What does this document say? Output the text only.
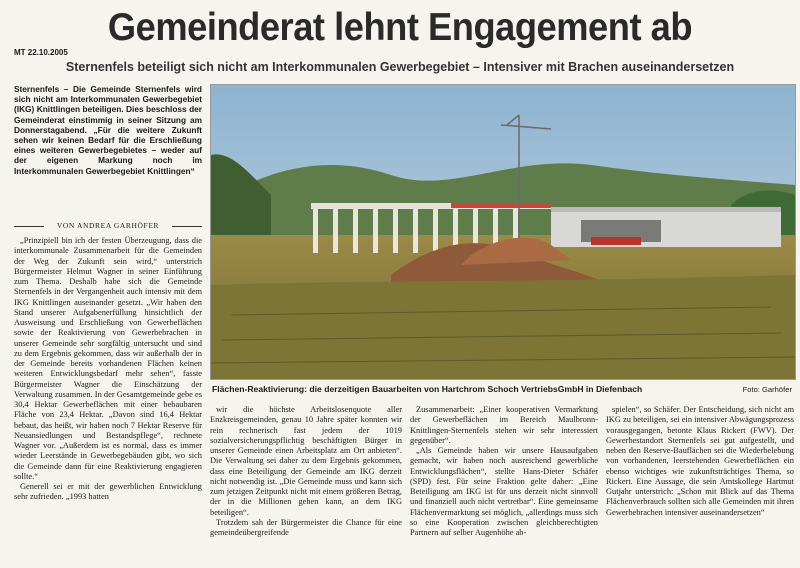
Gemeinderat lehnt Engagement ab
MT 22.10.2005
Sternenfels beteiligt sich nicht am Interkommunalen Gewerbegebiet – Intensiver mit Brachen auseinandersetzen
Sternenfels – Die Gemeinde Sternenfels wird sich nicht am Interkommunalen Gewerbegebiet (IKG) Knittlingen beteiligen. Dies beschloss der Gemeinderat einstimmig in seiner Sitzung am Donnerstagabend. „Für die weitere Zukunft sehen wir keinen Bedarf für die Erschließung eines weiteren Gewerbegebietes – weder auf der eigenen Markung noch im Interkommunalen Gewerbegebiet Knittlingen“
VON ANDREA GARHÖFER

„Prinzipiell bin ich der festen Überzeugung, dass die interkommunale Zusammenarbeit für die Gemeinden der Weg der Zukunft sein wird,“ unterstrich Bürgermeister Helmut Wagner in seiner Einführung zum Thema. Deshalb habe sich die Gemeinde Sternenfels in der Vergangenheit auch intensiv mit dem IKG Knittlingen auseinander gesetzt. „Wir haben den Stand unserer Aufgabenerfüllung hinsichtlich der Ausweisung und Erschließung von Gewerbeflächen sowie der Reaktivierung von Gewerbebrachen in unserer Gemeinde sehr sorgfältig untersucht und sind zu dem Ergebnis gekommen, dass wir außerhalb der in der Gemeinde bereits vorhandenen Flächen keinen weiteren Entwicklungsbedarf mehr sehen“, fasste Bürgermeister Wagner die Einschätzung der Verwaltung zusammen. In der Gesamtgemeinde gebe es 30,4 Hektar Gewerbeflächen mit einer bebaubaren Fläche von 23,4 Hektar. „Davon sind 16,4 Hektar bebaut, das heißt, wir haben noch 7 Hektar Reserve für Neuansiedlungen und Bestandspflege“, rechnete Wagner vor. „Außerdem ist es normal, dass es immer wieder Leerstände in Gewerbegebäuden gibt, wo sich die Gemeinde dann für eine Reaktivierung engagieren sollte.“

Generell sei er mit der gewerblichen Entwicklung sehr zufrieden. „1993 hatten

Flächen-Reaktivierung: die derzeitigen Bauarbeiten von Hartchrom Schoch VertriebsGmbH in Diefenbach	Foto: Garhöfer

wir die höchste Arbeitslosenquote aller Enzkreisgemeinden, genau 10 Jahre später konnten wir rein rechnerisch fast jedem der 1019 sozialversicherungspflichtig beschäftigten Bürger in unserer Gemeinde einen Arbeitsplatz am Ort anbieten“. Die Verwaltung sei daher zu dem Ergebnis gekommen, dass eine Beteiligung der Gemeinde am IKG derzeit nicht notwendig ist. „Die Gemeinde muss und kann sich zum jetzigen Zeitpunkt nicht mit einem größeren Betrag, der in die Millionen gehen kann, an dem IKG beteiligen“.

Trotzdem sah der Bürgermeister die Chance für eine gemeindeübergreifende

Zusammenarbeit: „Einer kooperativen Vermarktung der Gewerbeflächen im Bereich Maulbronn-Knittlingen-Sternenfels stehen wir sehr interessiert gegenüber“.

„Als Gemeinde haben wir unsere Hausaufgaben gemacht, wir haben noch ausreichend gewerbliche Entwicklungsflächen“, stellte Hans-Dieter Schäfer (SPD) fest. Für seine Fraktion gelte daher: „Eine Beteiligung am IKG ist für uns derzeit nicht sinnvoll und finanziell auch nicht vertretbar“. Eine gemeinsame Flächenvermarktung sei möglich, „allerdings muss sich so eine Kooperation zwischen gleichberechtigten Partnern auf selber Augenhöhe ab-

spielen“, so Schäfer. Der Entscheidung, sich nicht am IKG zu beteiligen, sei ein intensiver Abwägungsprozess vorausgegangen, betonte Klaus Rickert (FWV). Der Gewerbestandort Sternenfels sei gut aufgestellt, und neben den Reserve-Bauflächen sei die Wiederbelebung von vorhandenen, leerstehenden Gewerbeflächen ein ebenso wichtiges wie zukunftsträchtiges Thema, so Rickert. Eine Aussage, die sein Amtskollege Hartmut Gutjahr unterstrich: „Schon mit Blick auf das Thema Flächenverbrauch sollten sich alle Gemeinden mit ihren Gewerbebrachen intensiver auseinandersetzen“
